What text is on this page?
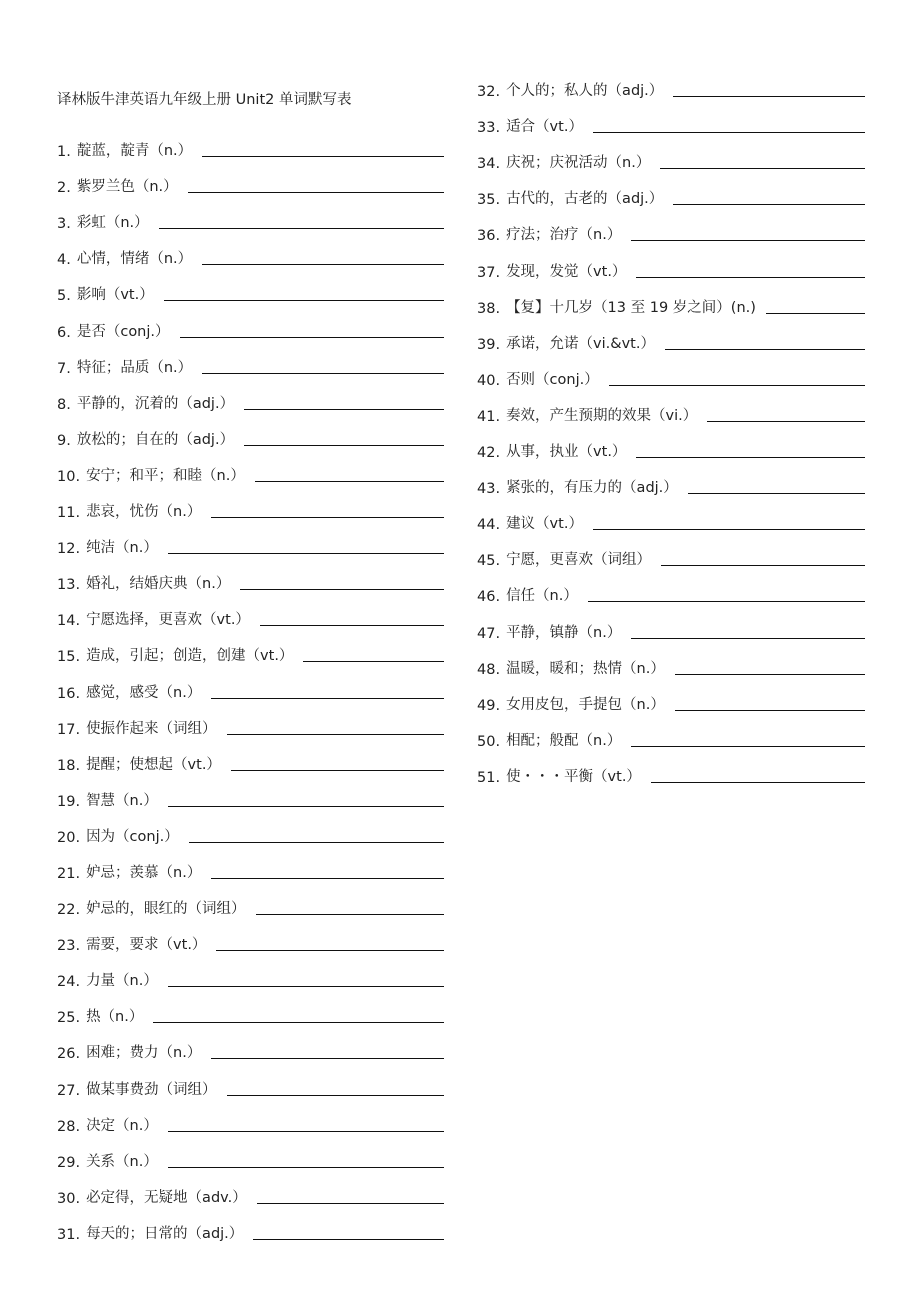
译林版牛津英语九年级上册 Unit2 单词默写表
1. 靛蓝，靛青（n.）
2. 紫罗兰色（n.）
3. 彩虹（n.）
4. 心情，情绪（n.）
5. 影响（vt.）
6. 是否（conj.）
7. 特征；品质（n.）
8. 平静的，沉着的（adj.）
9. 放松的；自在的（adj.）
10. 安宁；和平；和睦（n.）
11. 悲哀，忧伤（n.）
12. 纯洁（n.）
13. 婚礼，结婚庆典（n.）
14. 宁愿选择，更喜欢（vt.）
15. 造成，引起；创造，创建（vt.）
16. 感觉，感受（n.）
17. 使振作起来（词组）
18. 提醒；使想起（vt.）
19. 智慧（n.）
20. 因为（conj.）
21. 妒忌；羡慕（n.）
22. 妒忌的，眼红的（词组）
23. 需要，要求（vt.）
24. 力量（n.）
25. 热（n.）
26. 困难；费力（n.）
27. 做某事费劲（词组）
28. 决定（n.）
29. 关系（n.）
30. 必定得，无疑地（adv.）
31. 每天的；日常的（adj.）
32. 个人的；私人的（adj.）
33. 适合（vt.）
34. 庆祝；庆祝活动（n.）
35. 古代的，古老的（adj.）
36. 疗法；治疗（n.）
37. 发现，发觉（vt.）
38. 【复】十几岁（13 至 19 岁之间）(n.)
39. 承诺，允诺（vi.&vt.）
40. 否则（conj.）
41. 奏效，产生预期的效果（vi.）
42. 从事，执业（vt.）
43. 紧张的，有压力的（adj.）
44. 建议（vt.）
45. 宁愿，更喜欢（词组）
46. 信任（n.）
47. 平静，镇静（n.）
48. 温暖，暖和；热情（n.）
49. 女用皮包，手提包（n.）
50. 相配；般配（n.）
51. 使・・・平衡（vt.）
